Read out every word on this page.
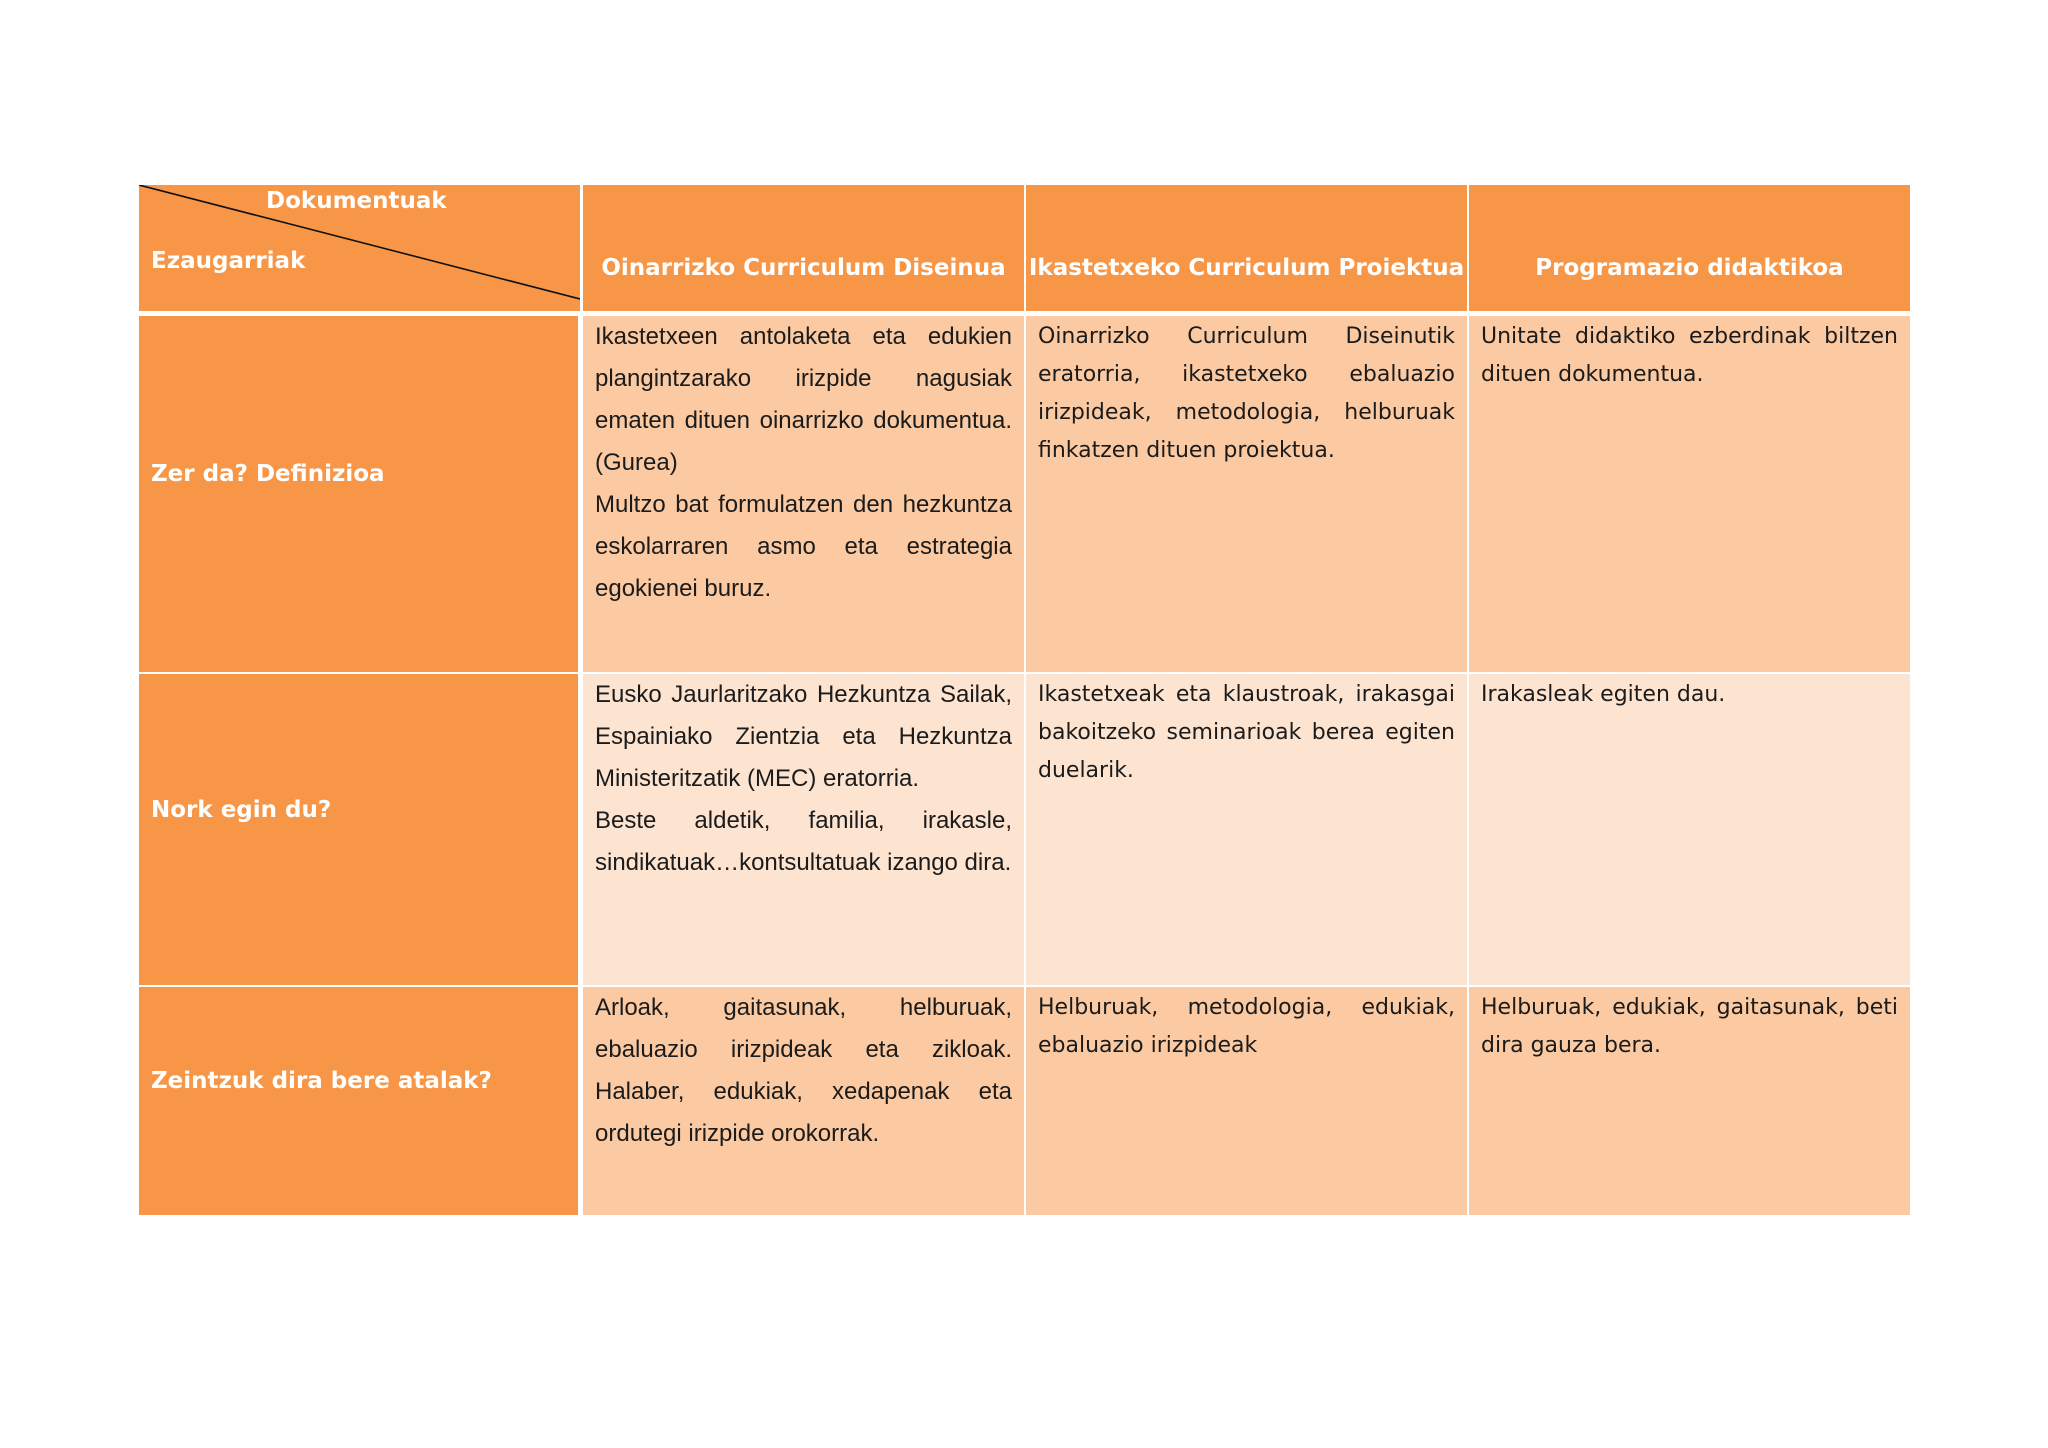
Dokumentuak
Ezaugarriak	Oinarrizko Curriculum Diseinua Ikastetxeko Curriculum Proiektua	Programazio didaktikoa
Zer da? Definizioa

Ikastetxeen antolaketa eta edukien plangintzarako irizpide nagusiak ematen dituen oinarrizko dokumentua. (Gurea)

Multzo bat formulatzen den hezkuntza eskolarraren asmo eta estrategia egokienei buruz.

Oinarrizko Curriculum Diseinutik eratorria, ikastetxeko ebaluazio irizpideak, metodologia, helburuak finkatzen dituen proiektua.

Unitate didaktiko ezberdinak biltzen dituen dokumentua.

Nork egin du?

Eusko Jaurlaritzako Hezkuntza Sailak, Espainiako Zientzia eta Hezkuntza Ministeritzatik (MEC) eratorria.

Beste aldetik, familia, irakasle, sindikatuak…kontsultatuak izango dira.

Ikastetxeak eta klaustroak, irakasgai bakoitzeko seminarioak berea egiten duelarik.

Irakasleak egiten dau.

Zeintzuk dira bere atalak?

Arloak, gaitasunak, helburuak, ebaluazio irizpideak eta zikloak. Halaber, edukiak, xedapenak eta ordutegi irizpide orokorrak.

Helburuak, metodologia, edukiak, ebaluazio irizpideak

Helburuak, edukiak, gaitasunak, beti dira gauza bera.
